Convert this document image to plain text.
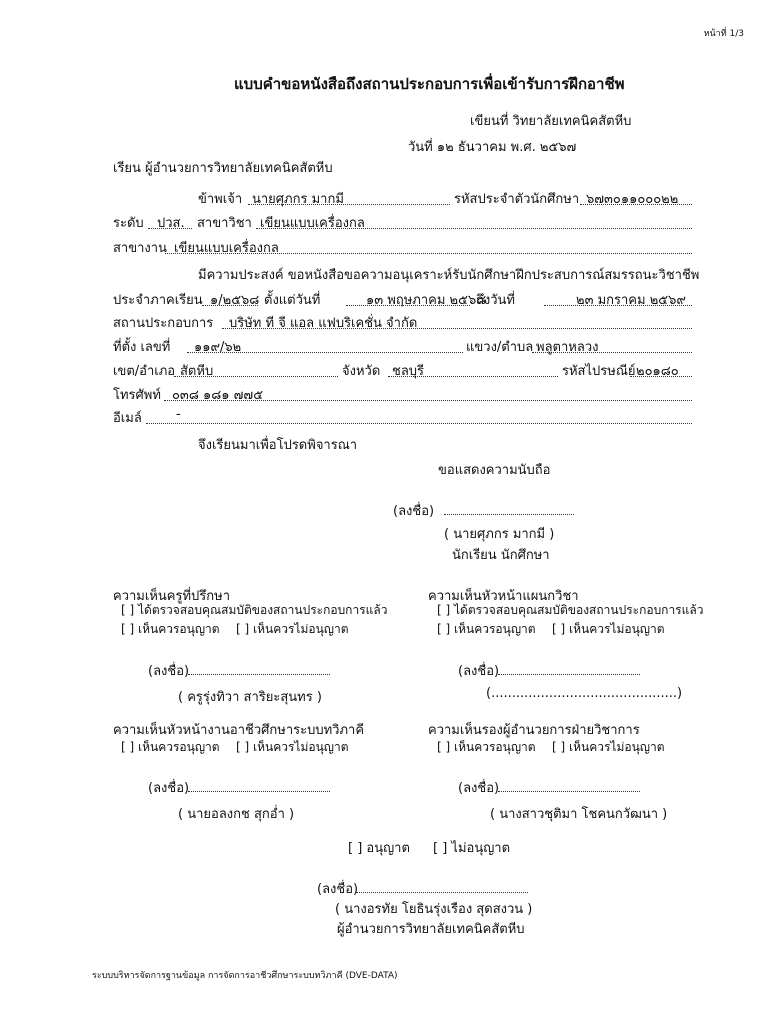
หน้าที่ 1/3
แบบคำขอหนังสือถึงสถานประกอบการเพื่อเข้ารับการฝึกอาชีพ
เขียนที่ วิทยาลัยเทคนิคสัตหีบ
วันที่ ๑๒ ธันวาคม พ.ศ. ๒๕๖๗
เรียน ผู้อำนวยการวิทยาลัยเทคนิคสัตหีบ
ข้าพเจ้า นายศุภกร มากมี	รหัสประจำตัวนักศึกษา ๖๗๓๐๑๑๐๐๐๒๒
ระดับ ปวส. สาขาวิชา เขียนแบบเครื่องกล
สาขางาน เขียนแบบเครื่องกล
มีความประสงค์ ขอหนังสือขอความอนุเคราะห์รับนักศึกษาฝึกประสบการณ์สมรรถนะวิชาชีพ
ประจำภาคเรียน ๑/๒๕๖๘ ตั้งแต่วันที่	๑๓ พฤษภาคม ๒๕๖๘
ถึงวันที่	๒๓ มกราคม ๒๕๖๙
สถานประกอบการ บริษัท ที จี แอล แฟบริเคชั่น จำกัด
ที่ตั้ง เลขที่ ๑๑๙/๖๒	แขวง/ตำบล พลูตาหลวง
เขต/อำเภอ สัตหีบ	จังหวัด ชลบุรี	รหัสไปรษณีย์ ๒๐๑๘๐
โทรศัพท์ ๐๓๘ ๑๘๑ ๗๗๕
อีเมล์	-
จึงเรียนมาเพื่อโปรดพิจารณา
ขอแสดงความนับถือ
(ลงชื่อ)
( นายศุภกร มากมี )
นักเรียน นักศึกษา
ความเห็นครูที่ปรึกษา
[ ] ได้ตรวจสอบคุณสมบัติของสถานประกอบการแล้ว
[ ] เห็นควรอนุญาต [ ] เห็นควรไม่อนุญาต
(ลงชื่อ)
( ครูรุ่งทิวา สาริยะสุนทร )
ความเห็นหัวหน้าแผนกวิชา
[ ] ได้ตรวจสอบคุณสมบัติของสถานประกอบการแล้ว
[ ] เห็นควรอนุญาต [ ] เห็นควรไม่อนุญาต
(ลงชื่อ)
(.............................................)
ความเห็นหัวหน้างานอาชีวศึกษาระบบทวิภาคี
[ ] เห็นควรอนุญาต [ ] เห็นควรไม่อนุญาต
(ลงชื่อ)
( นายอลงกช สุกอ่ำ )
ความเห็นรองผู้อำนวยการฝ่ายวิชาการ
[ ] เห็นควรอนุญาต [ ] เห็นควรไม่อนุญาต
(ลงชื่อ)
( นางสาวชุติมา โชคนกวัฒนา )
[ ] อนุญาต [ ] ไม่อนุญาต
(ลงชื่อ)
( นางอรทัย โยธินรุ่งเรือง สุดสงวน )
ผู้อำนวยการวิทยาลัยเทคนิคสัตหีบ
ระบบบริหารจัดการฐานข้อมูล การจัดการอาชีวศึกษาระบบทวิภาคี (DVE-DATA)
